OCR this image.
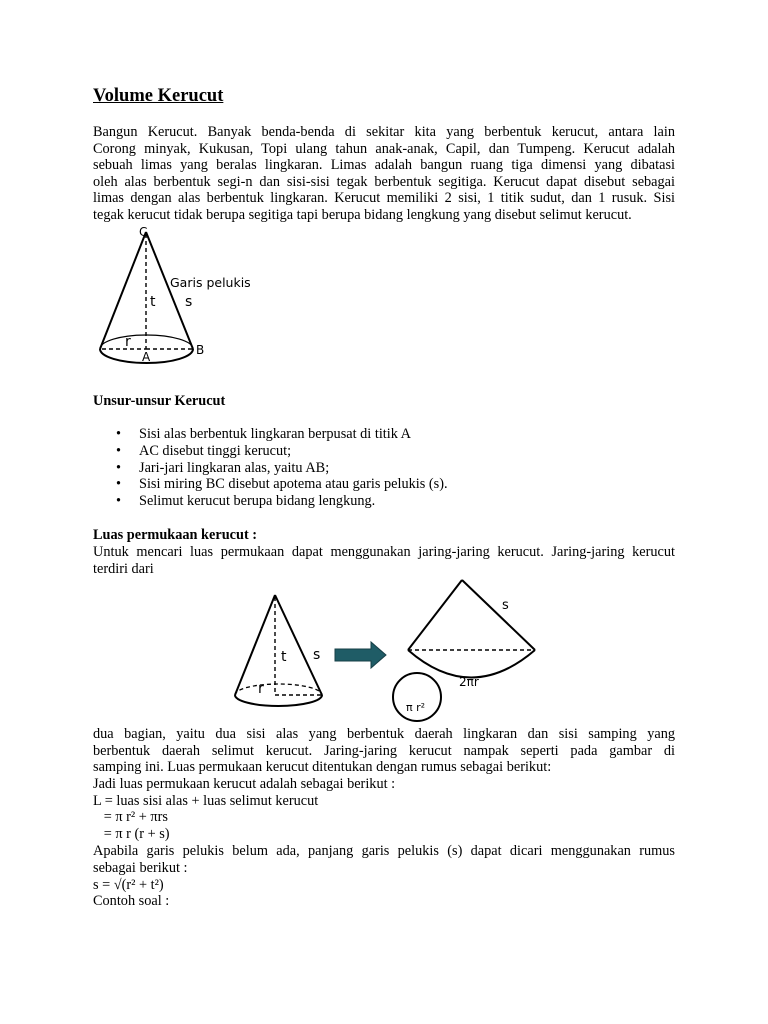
Volume Kerucut
Bangun Kerucut. Banyak benda-benda di sekitar kita yang berbentuk kerucut, antara lain
Corong minyak, Kukusan, Topi ulang tahun anak-anak, Capil, dan Tumpeng. Kerucut adalah
sebuah limas yang beralas lingkaran. Limas adalah bangun ruang tiga dimensi yang dibatasi
oleh alas berbentuk segi-n dan sisi-sisi tegak berbentuk segitiga. Kerucut dapat disebut sebagai
limas dengan alas berbentuk lingkaran. Kerucut memiliki 2 sisi, 1 titik sudut, dan 1 rusuk. Sisi
tegak kerucut tidak berupa segitiga tapi berupa bidang lengkung yang disebut selimut kerucut.
C
Garis pelukis
t s
r
A	B
Unsur-unsur Kerucut
• Sisi alas berbentuk lingkaran berpusat di titik A
• AC disebut tinggi kerucut;
• Jari-jari lingkaran alas, yaitu AB;
• Sisi miring BC disebut apotema atau garis pelukis (s).
• Selimut kerucut berupa bidang lengkung.
Luas permukaan kerucut :
Untuk mencari luas permukaan dapat menggunakan jaring-jaring kerucut. Jaring-jaring kerucut
terdiri dari
t s
r
s
2πr
π r²
dua bagian, yaitu dua sisi alas yang berbentuk daerah lingkaran dan sisi samping yang
berbentuk daerah selimut kerucut. Jaring-jaring kerucut nampak seperti pada gambar di
samping ini. Luas permukaan kerucut ditentukan dengan rumus sebagai berikut:
Jadi luas permukaan kerucut adalah sebagai berikut :
L = luas sisi alas + luas selimut kerucut
= π r² + πrs
= π r (r + s)
Apabila garis pelukis belum ada, panjang garis pelukis (s) dapat dicari menggunakan rumus
sebagai berikut :
s = √(r² + t²)
Contoh soal :
